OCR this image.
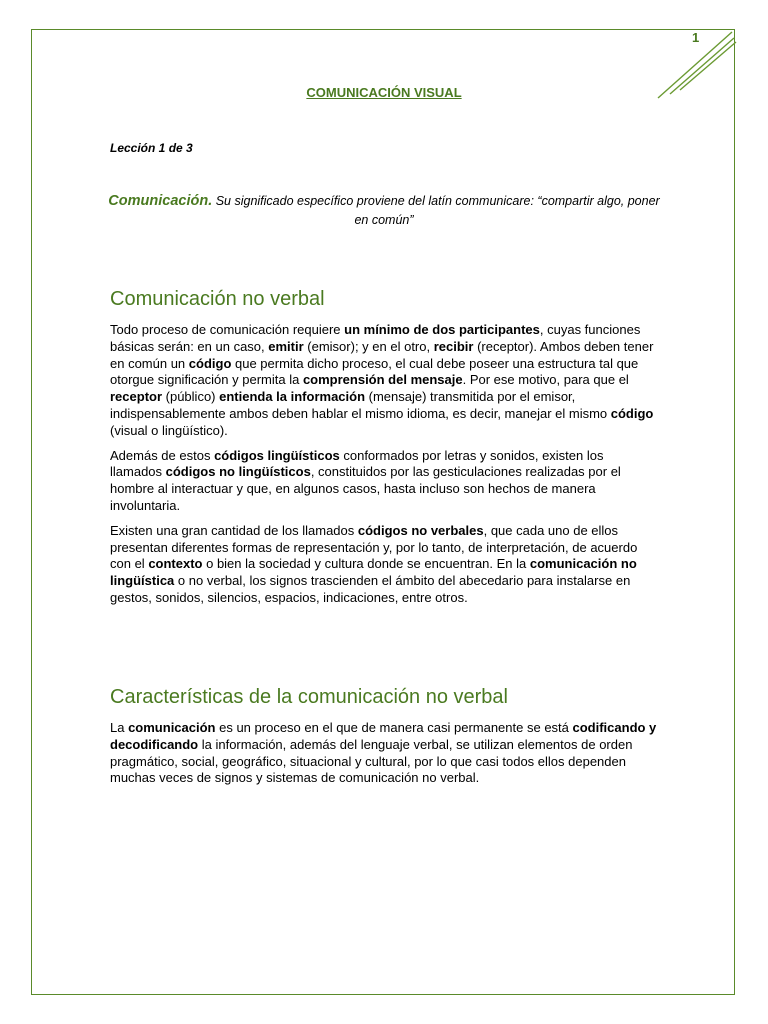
1
COMUNICACIÓN VISUAL
Lección 1 de 3
Comunicación. Su significado específico proviene del latín communicare: “compartir algo, poner en común”
Comunicación no verbal

Todo proceso de comunicación requiere un mínimo de dos participantes, cuyas funciones básicas serán: en un caso, emitir (emisor); y en el otro, recibir (receptor). Ambos deben tener en común un código que permita dicho proceso, el cual debe poseer una estructura tal que otorgue significación y permita la comprensión del mensaje. Por ese motivo, para que el receptor (público) entienda la información (mensaje) transmitida por el emisor, indispensablemente ambos deben hablar el mismo idioma, es decir, manejar el mismo código (visual o lingüístico).

Además de estos códigos lingüísticos conformados por letras y sonidos, existen los llamados códigos no lingüísticos, constituidos por las gesticulaciones realizadas por el hombre al interactuar y que, en algunos casos, hasta incluso son hechos de manera involuntaria.

Existen una gran cantidad de los llamados códigos no verbales, que cada uno de ellos presentan diferentes formas de representación y, por lo tanto, de interpretación, de acuerdo con el contexto o bien la sociedad y cultura donde se encuentran. En la comunicación no lingüística o no verbal, los signos trascienden el ámbito del abecedario para instalarse en gestos, sonidos, silencios, espacios, indicaciones, entre otros.

Características de la comunicación no verbal

La comunicación es un proceso en el que de manera casi permanente se está codificando y decodificando la información, además del lenguaje verbal, se utilizan elementos de orden pragmático, social, geográfico, situacional y cultural, por lo que casi todos ellos dependen muchas veces de signos y sistemas de comunicación no verbal.
